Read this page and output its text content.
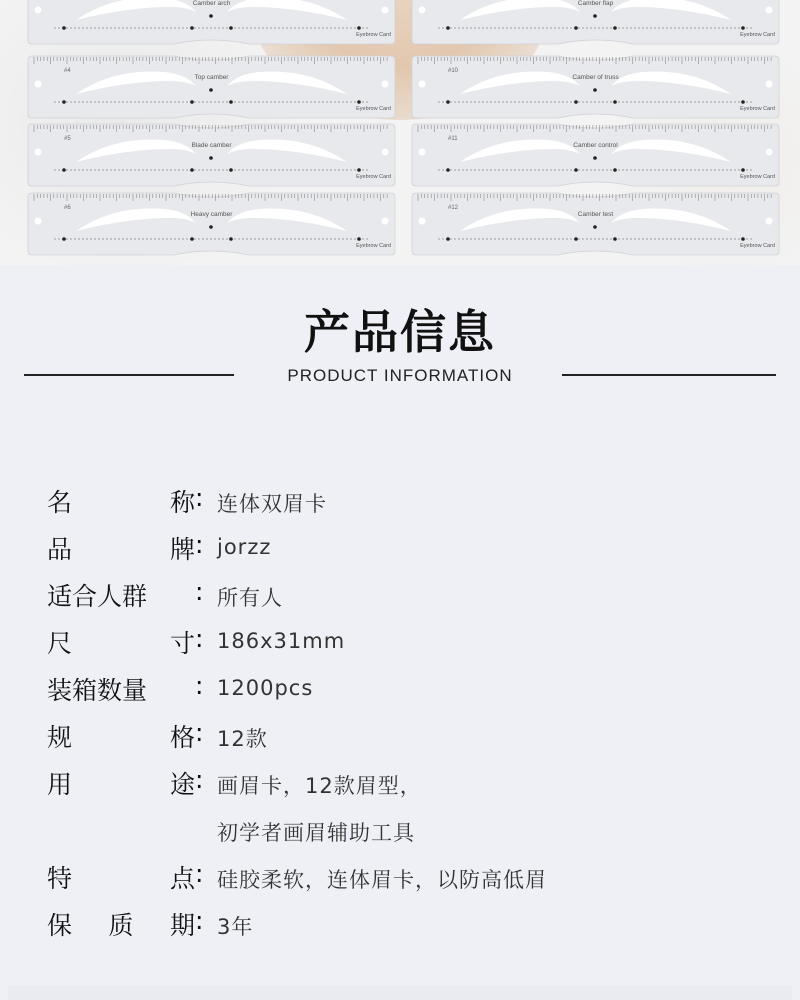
Camber arch
Eyebrow Card
Camber flap
Eyebrow Card
#4
Top camber
Eyebrow Card
#10
Camber of truss
Eyebrow Card
#5
Blade camber
Eyebrow Card
#11
Camber control
Eyebrow Card
#6
Heavy camber
Eyebrow Card
#12
Camber test
Eyebrow Card
产品信息
PRODUCT INFORMATION
名	称 : 连体双眉卡
品	牌 : jorzz
适合人群	: 所有人
尺	寸 : 186x31mm
装箱数量	: 1200pcs
规	格 : 12款
用	途 : 画眉卡，12款眉型，
初学者画眉辅助工具
特	点 : 硅胶柔软，连体眉卡，以防高低眉
保 质 期 : 3年
